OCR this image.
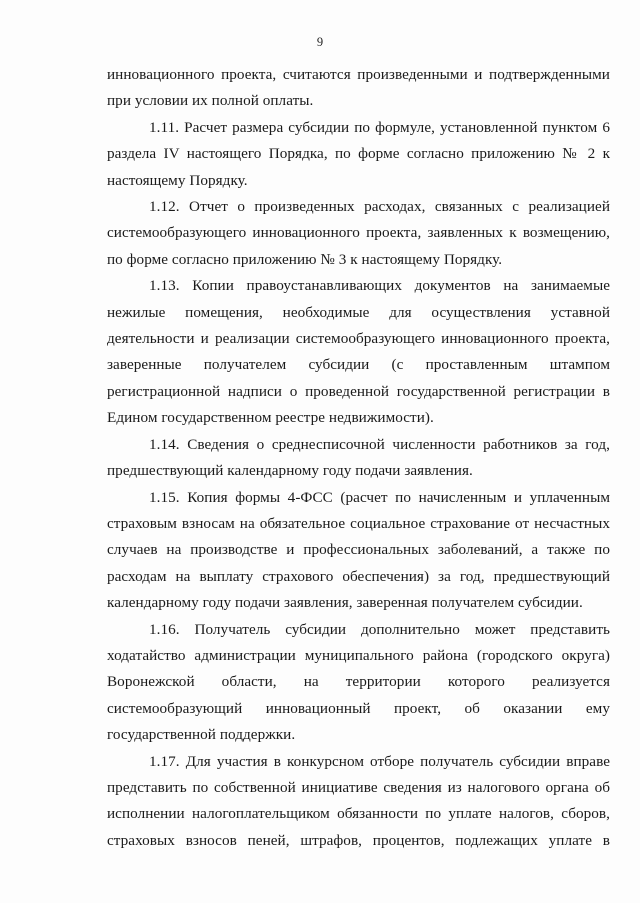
9

инновационного проекта, считаются произведенными и подтвержденными при условии их полной оплаты.

1.11. Расчет размера субсидии по формуле, установленной пунктом 6 раздела IV настоящего Порядка, по форме согласно приложению № 2 к настоящему Порядку.

1.12. Отчет о произведенных расходах, связанных с реализацией системообразующего инновационного проекта, заявленных к возмещению, по форме согласно приложению № 3 к настоящему Порядку.

1.13. Копии правоустанавливающих документов на занимаемые нежилые помещения, необходимые для осуществления уставной деятельности и реализации системообразующего инновационного проекта, заверенные получателем субсидии (с проставленным штампом регистрационной надписи о проведенной государственной регистрации в Едином государственном реестре недвижимости).

1.14. Сведения о среднесписочной численности работников за год, предшествующий календарному году подачи заявления.

1.15. Копия формы 4-ФСС (расчет по начисленным и уплаченным страховым взносам на обязательное социальное страхование от несчастных случаев на производстве и профессиональных заболеваний, а также по расходам на выплату страхового обеспечения) за год, предшествующий календарному году подачи заявления, заверенная получателем субсидии.

1.16. Получатель субсидии дополнительно может представить ходатайство администрации муниципального района (городского округа) Воронежской области, на территории которого реализуется системообразующий инновационный проект, об оказании ему государственной поддержки.

1.17. Для участия в конкурсном отборе получатель субсидии вправе представить по собственной инициативе сведения из налогового органа об исполнении налогоплательщиком обязанности по уплате налогов, сборов, страховых взносов пеней, штрафов, процентов, подлежащих уплате в
